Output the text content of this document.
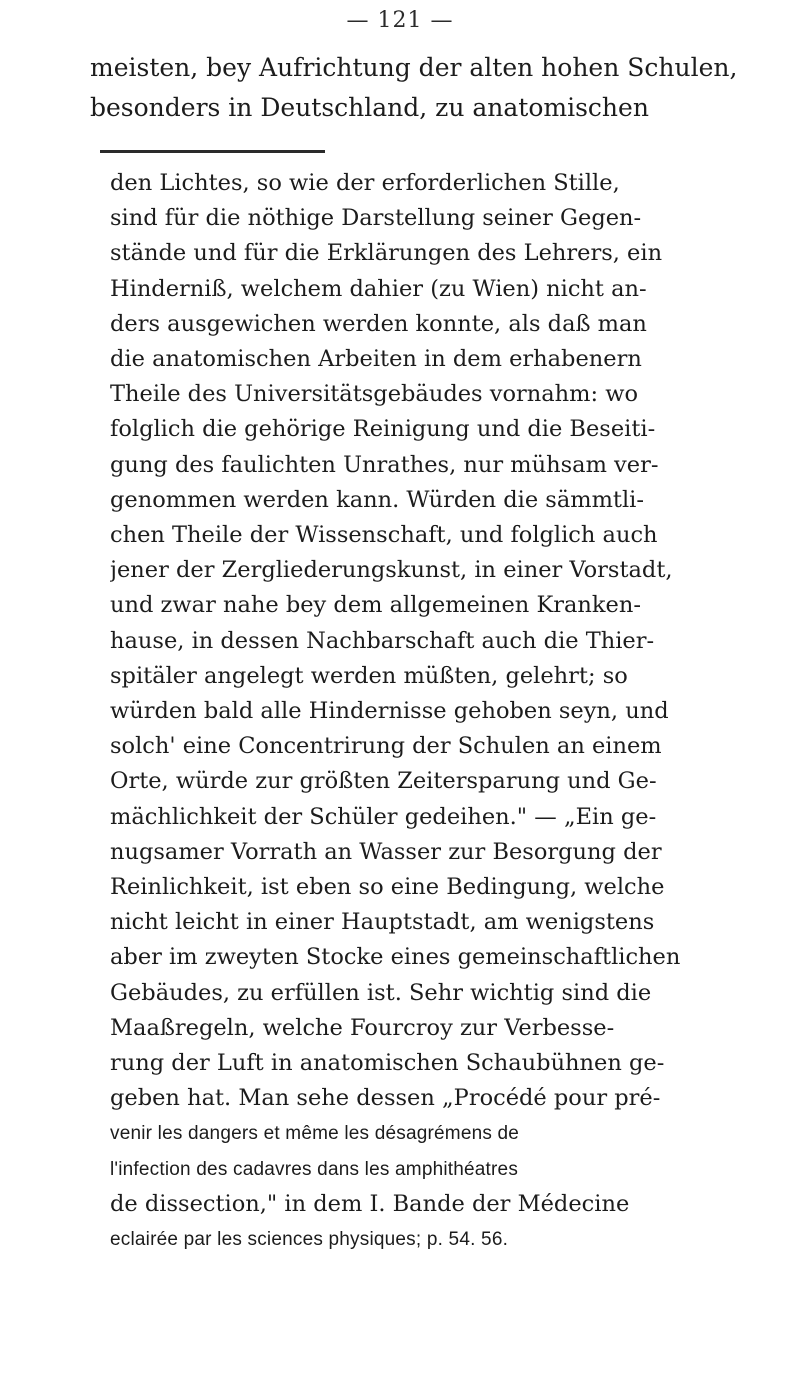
— 121 —
meisten, bey Aufrichtung der alten hohen Schulen,
besonders in Deutschland, zu anatomischen
den Lichtes, so wie der erforderlichen Stille,
sind für die nöthige Darstellung seiner Gegen-
stände und für die Erklärungen des Lehrers, ein
Hinderniß, welchem dahier (zu Wien) nicht an-
ders ausgewichen werden konnte, als daß man
die anatomischen Arbeiten in dem erhabenern
Theile des Universitätsgebäudes vornahm: wo
folglich die gehörige Reinigung und die Beseiti-
gung des faulichten Unrathes, nur mühsam ver-
genommen werden kann. Würden die sämmtli-
chen Theile der Wissenschaft, und folglich auch
jener der Zergliederungskunst, in einer Vorstadt,
und zwar nahe bey dem allgemeinen Kranken-
hause, in dessen Nachbarschaft auch die Thier-
spitäler angelegt werden müßten, gelehrt; so
würden bald alle Hindernisse gehoben seyn, und
solch' eine Concentrirung der Schulen an einem
Orte, würde zur größten Zeitersparung und Ge-
mächlichkeit der Schüler gedeihen." — „Ein ge-
nugsamer Vorrath an Wasser zur Besorgung der
Reinlichkeit, ist eben so eine Bedingung, welche
nicht leicht in einer Hauptstadt, am wenigstens
aber im zweyten Stocke eines gemeinschaftlichen
Gebäudes, zu erfüllen ist. Sehr wichtig sind die
Maaßregeln, welche Fourcroy zur Verbesse-
rung der Luft in anatomischen Schaubühnen ge-
geben hat. Man sehe dessen „Procédé pour pré-
venir les dangers et même les désagrémens de
l'infection des cadavres dans les amphithéatres
de dissection," in dem I. Bande der Médecine
eclairée par les sciences physiques; p. 54. 56.
